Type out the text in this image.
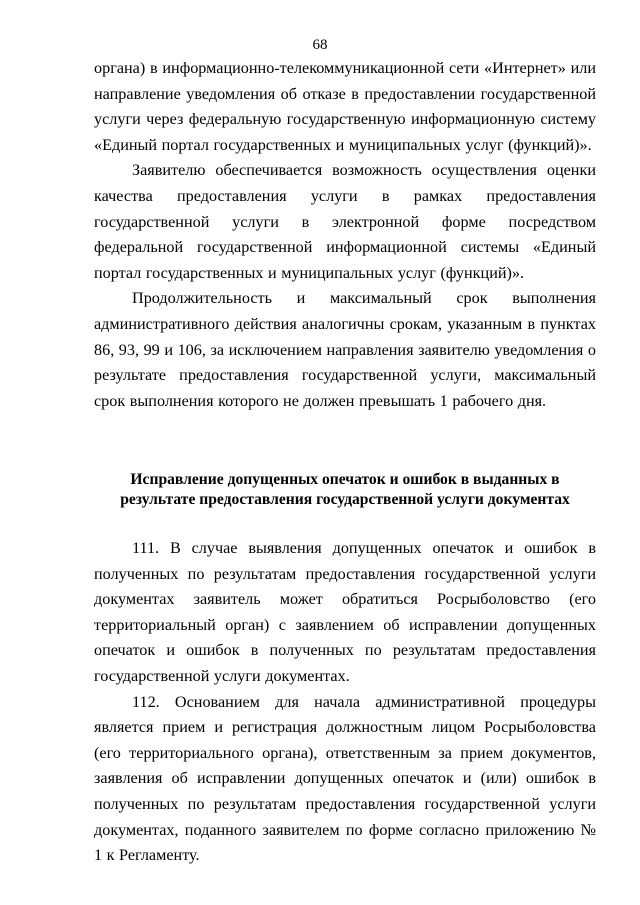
68

органа) в информационно-телекоммуникационной сети «Интернет» или направление уведомления об отказе в предоставлении государственной услуги через федеральную государственную информационную систему «Единый портал государственных и муниципальных услуг (функций)».

Заявителю обеспечивается возможность осуществления оценки качества предоставления услуги в рамках предоставления государственной услуги в электронной форме посредством федеральной государственной информационной системы «Единый портал государственных и муниципальных услуг (функций)».

Продолжительность и максимальный срок выполнения административного действия аналогичны срокам, указанным в пунктах 86, 93, 99 и 106, за исключением направления заявителю уведомления о результате предоставления государственной услуги, максимальный срок выполнения которого не должен превышать 1 рабочего дня.

Исправление допущенных опечаток и ошибок в выданных в
результате предоставления государственной услуги документах

111. В случае выявления допущенных опечаток и ошибок в полученных по результатам предоставления государственной услуги документах заявитель может обратиться Росрыболовство (его территориальный орган) с заявлением об исправлении допущенных опечаток и ошибок в полученных по результатам предоставления государственной услуги документах.

112. Основанием для начала административной процедуры является прием и регистрация должностным лицом Росрыболовства (его территориального органа), ответственным за прием документов, заявления об исправлении допущенных опечаток и (или) ошибок в полученных по результатам предоставления государственной услуги документах, поданного заявителем по форме согласно приложению № 1 к Регламенту.
